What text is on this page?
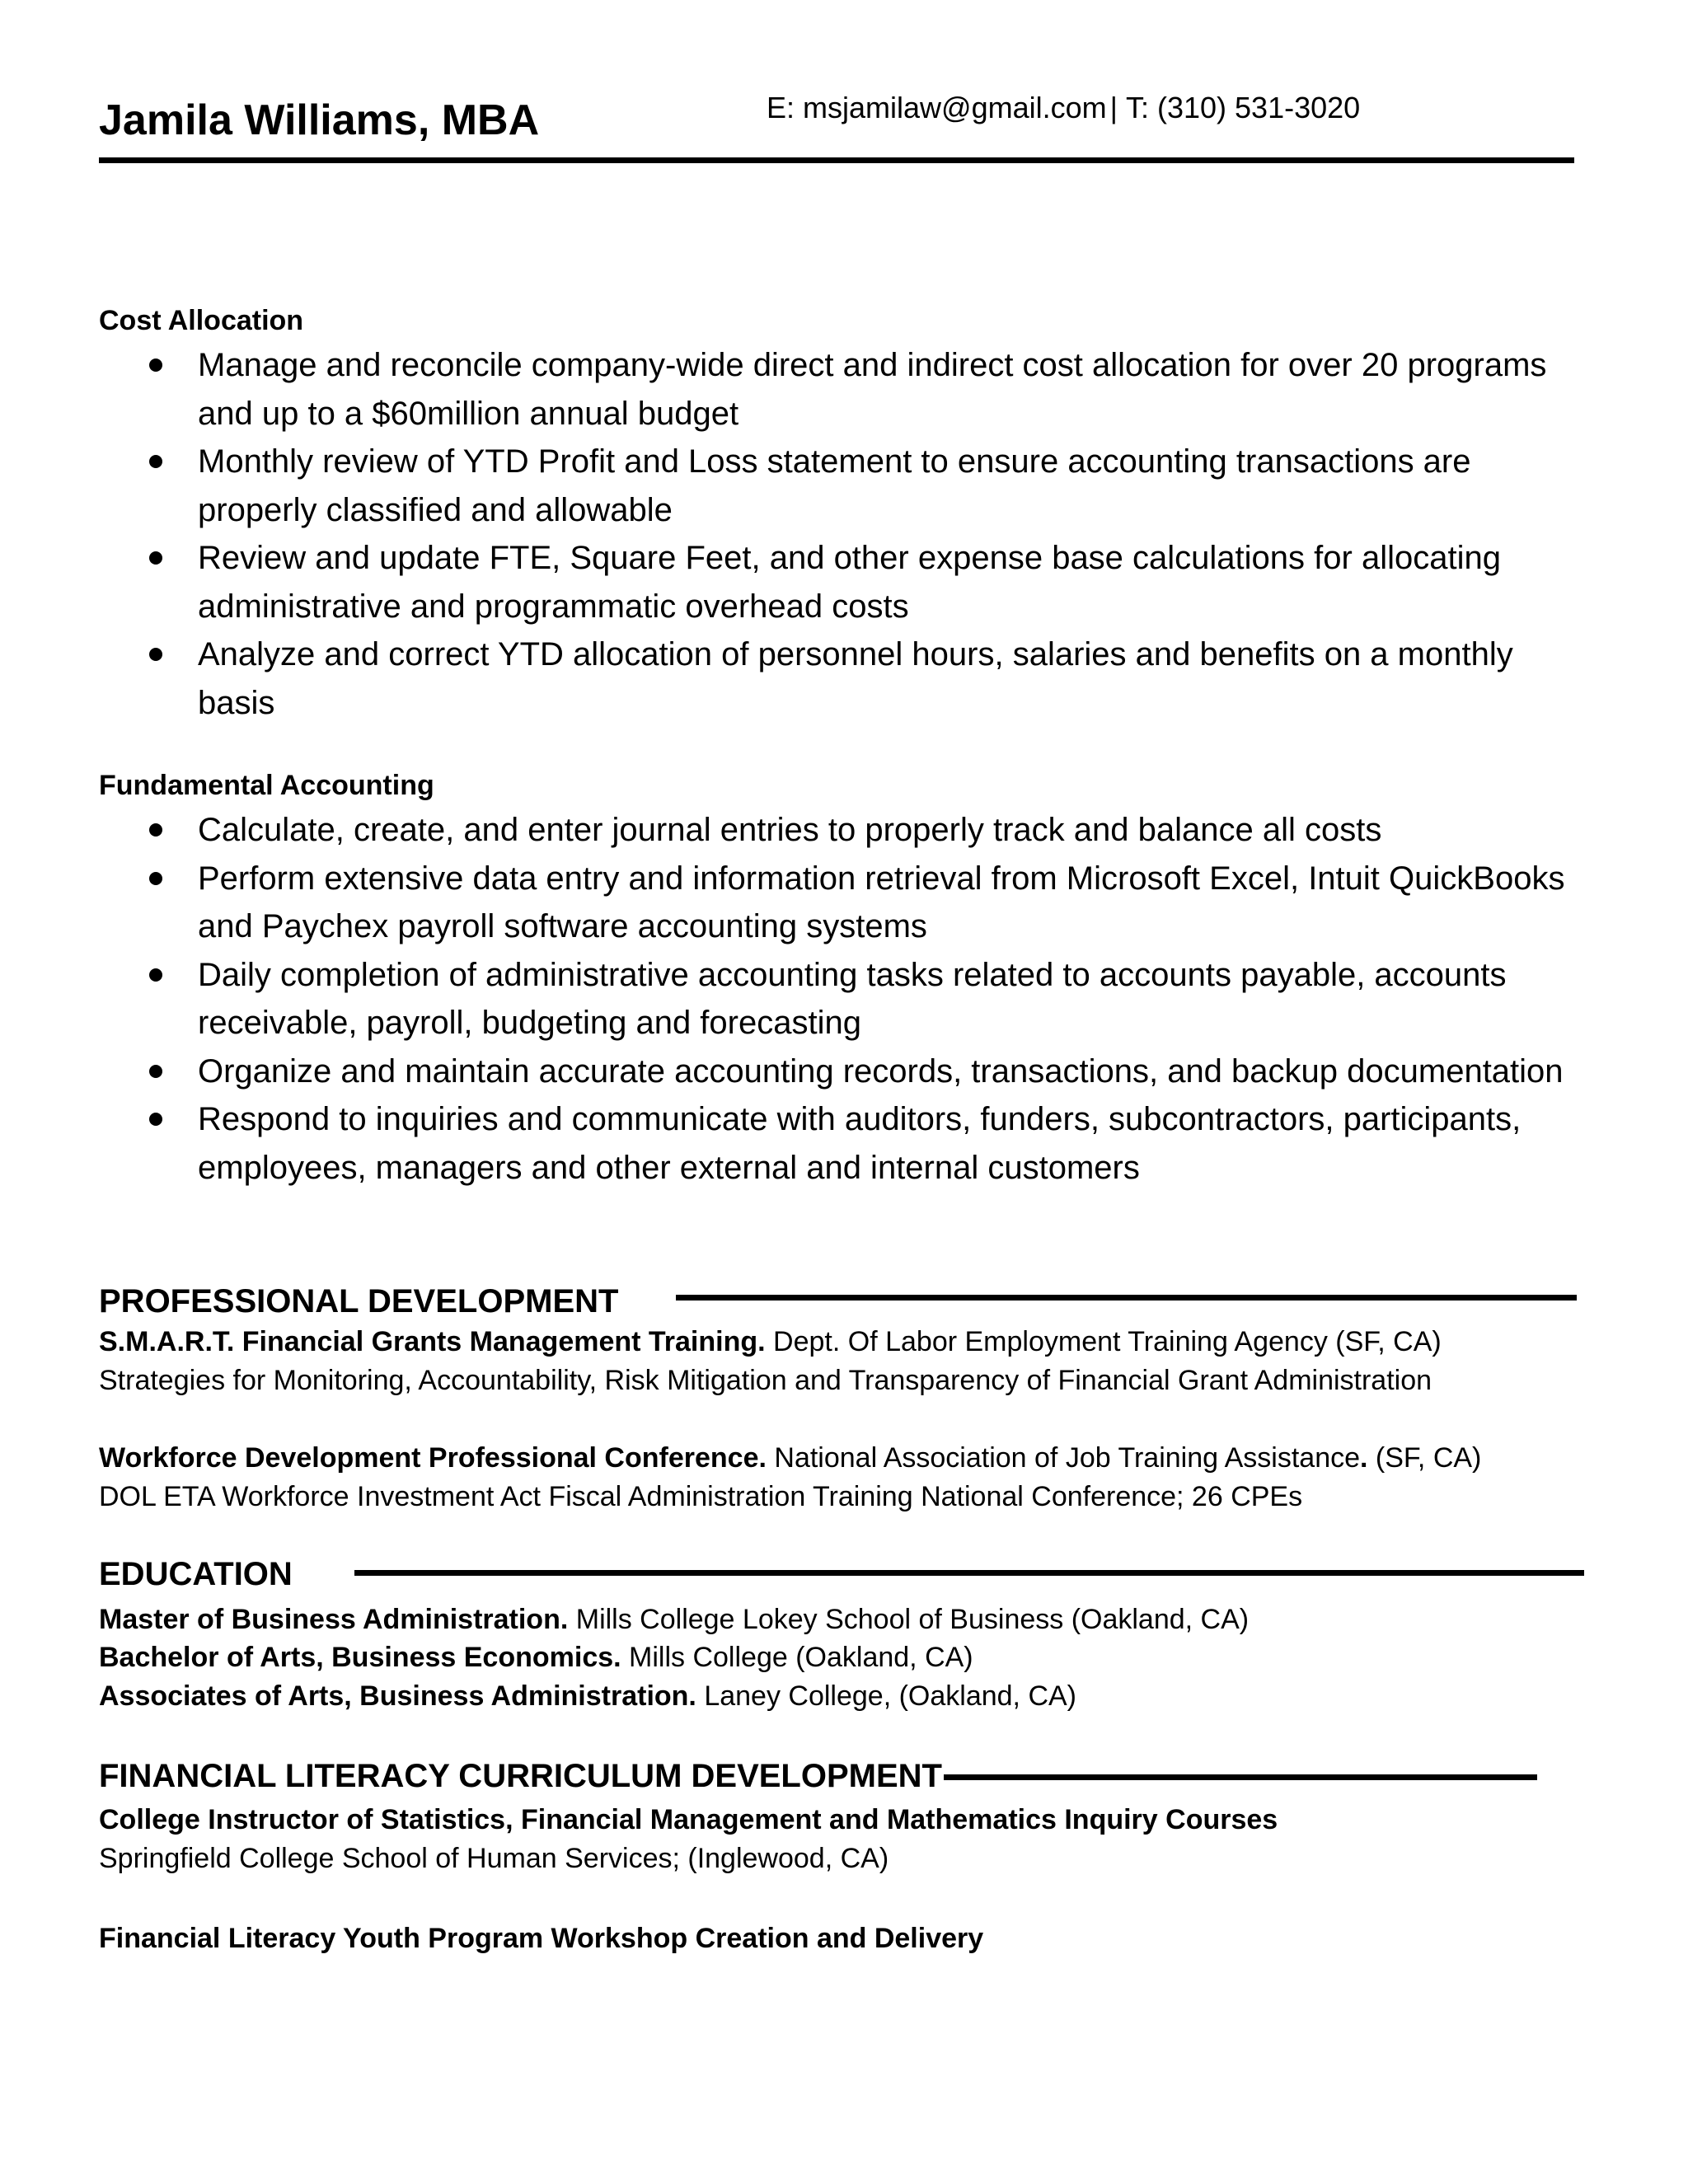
Jamila Williams, MBA	E: msjamilaw@gmail.com | T: (310) 531-3020
Cost Allocation
Manage and reconcile company-wide direct and indirect cost allocation for over 20 programs and up to a $60million annual budget
Monthly review of YTD Profit and Loss statement to ensure accounting transactions are properly classified and allowable
Review and update FTE, Square Feet, and other expense base calculations for allocating administrative and programmatic overhead costs
Analyze and correct YTD allocation of personnel hours, salaries and benefits on a monthly basis
Fundamental Accounting
Calculate, create, and enter journal entries to properly track and balance all costs
Perform extensive data entry and information retrieval from Microsoft Excel, Intuit QuickBooks and Paychex payroll software accounting systems
Daily completion of administrative accounting tasks related to accounts payable, accounts receivable, payroll, budgeting and forecasting
Organize and maintain accurate accounting records, transactions, and backup documentation
Respond to inquiries and communicate with auditors, funders, subcontractors, participants, employees, managers and other external and internal customers
PROFESSIONAL DEVELOPMENT
S.M.A.R.T. Financial Grants Management Training. Dept. Of Labor Employment Training Agency (SF, CA)
Strategies for Monitoring, Accountability, Risk Mitigation and Transparency of Financial Grant Administration
Workforce Development Professional Conference. National Association of Job Training Assistance. (SF, CA)
DOL ETA Workforce Investment Act Fiscal Administration Training National Conference; 26 CPEs
EDUCATION
Master of Business Administration. Mills College Lokey School of Business (Oakland, CA)
Bachelor of Arts, Business Economics. Mills College (Oakland, CA)
Associates of Arts, Business Administration. Laney College, (Oakland, CA)
FINANCIAL LITERACY CURRICULUM DEVELOPMENT
College Instructor of Statistics, Financial Management and Mathematics Inquiry Courses
Springfield College School of Human Services; (Inglewood, CA)
Financial Literacy Youth Program Workshop Creation and Delivery
